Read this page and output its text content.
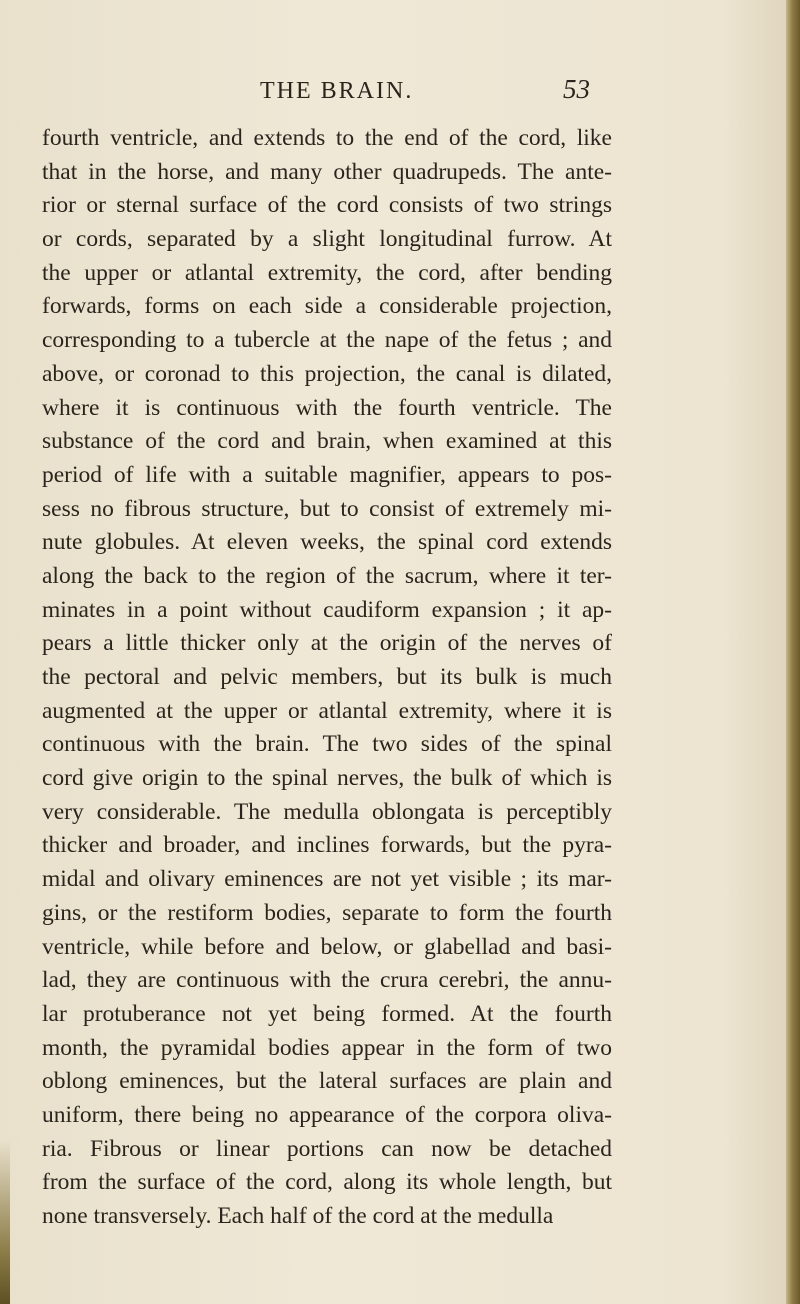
THE BRAIN.	53
fourth ventricle, and extends to the end of the cord, like
that in the horse, and many other quadrupeds. The ante-
rior or sternal surface of the cord consists of two strings
or cords, separated by a slight longitudinal furrow. At
the upper or atlantal extremity, the cord, after bending
forwards, forms on each side a considerable projection,
corresponding to a tubercle at the nape of the fetus ; and
above, or coronad to this projection, the canal is dilated,
where it is continuous with the fourth ventricle. The
substance of the cord and brain, when examined at this
period of life with a suitable magnifier, appears to pos-
sess no fibrous structure, but to consist of extremely mi-
nute globules. At eleven weeks, the spinal cord extends
along the back to the region of the sacrum, where it ter-
minates in a point without caudiform expansion ; it ap-
pears a little thicker only at the origin of the nerves of
the pectoral and pelvic members, but its bulk is much
augmented at the upper or atlantal extremity, where it is
continuous with the brain. The two sides of the spinal
cord give origin to the spinal nerves, the bulk of which is
very considerable. The medulla oblongata is perceptibly
thicker and broader, and inclines forwards, but the pyra-
midal and olivary eminences are not yet visible ; its mar-
gins, or the restiform bodies, separate to form the fourth
ventricle, while before and below, or glabellad and basi-
lad, they are continuous with the crura cerebri, the annu-
lar protuberance not yet being formed. At the fourth
month, the pyramidal bodies appear in the form of two
oblong eminences, but the lateral surfaces are plain and
uniform, there being no appearance of the corpora oliva-
ria. Fibrous or linear portions can now be detached
from the surface of the cord, along its whole length, but
none transversely. Each half of the cord at the medulla
